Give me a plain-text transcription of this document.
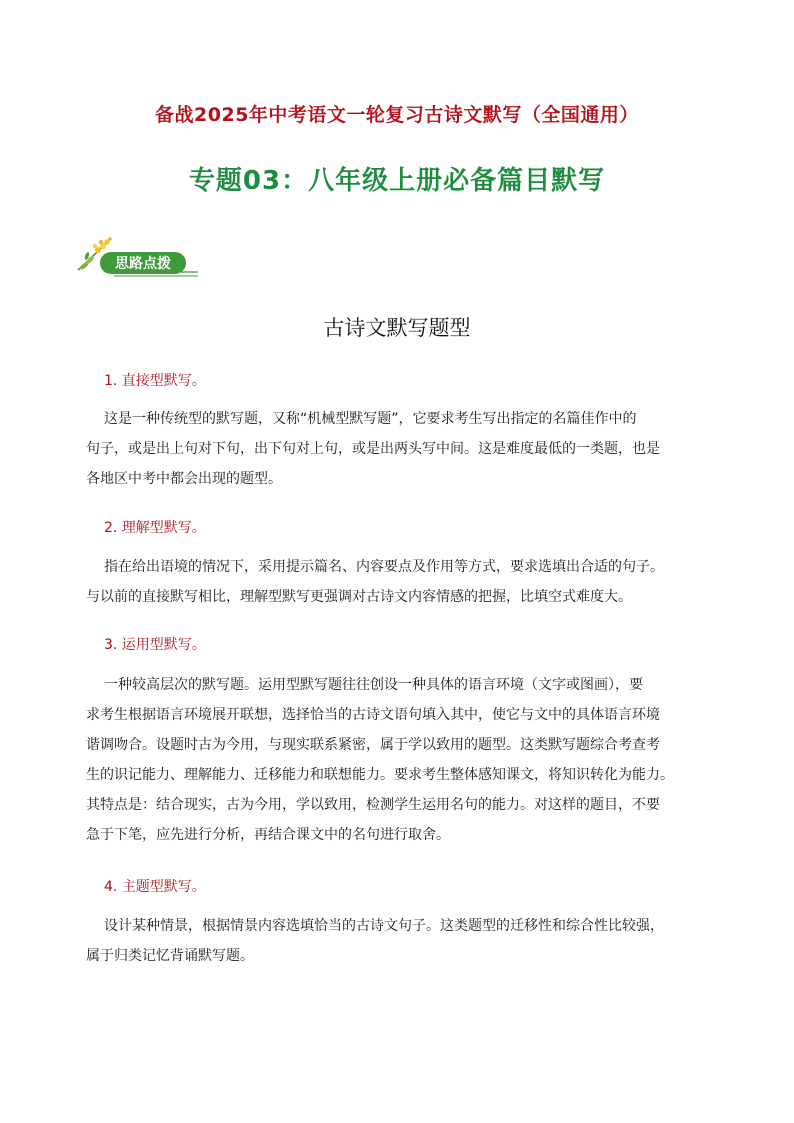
备战2025年中考语文一轮复习古诗文默写（全国通用）
专题03：八年级上册必备篇目默写
思路点拨
古诗文默写题型
1. 直接型默写。
这是一种传统型的默写题，又称“机械型默写题”，它要求考生写出指定的名篇佳作中的
句子，或是出上句对下句，出下句对上句，或是出两头写中间。这是难度最低的一类题，也是
各地区中考中都会出现的题型。
2. 理解型默写。
指在给出语境的情况下，采用提示篇名、内容要点及作用等方式，要求选填出合适的句子。
与以前的直接默写相比，理解型默写更强调对古诗文内容情感的把握，比填空式难度大。
3. 运用型默写。
一种较高层次的默写题。运用型默写题往往创设一种具体的语言环境（文字或图画），要
求考生根据语言环境展开联想，选择恰当的古诗文语句填入其中，使它与文中的具体语言环境
谐调吻合。设题时古为今用，与现实联系紧密，属于学以致用的题型。这类默写题综合考查考
生的识记能力、理解能力、迁移能力和联想能力。要求考生整体感知课文，将知识转化为能力。
其特点是：结合现实，古为今用，学以致用，检测学生运用名句的能力。对这样的题目，不要
急于下笔，应先进行分析，再结合课文中的名句进行取舍。
4. 主题型默写。
设计某种情景，根据情景内容选填恰当的古诗文句子。这类题型的迁移性和综合性比较强，
属于归类记忆背诵默写题。
